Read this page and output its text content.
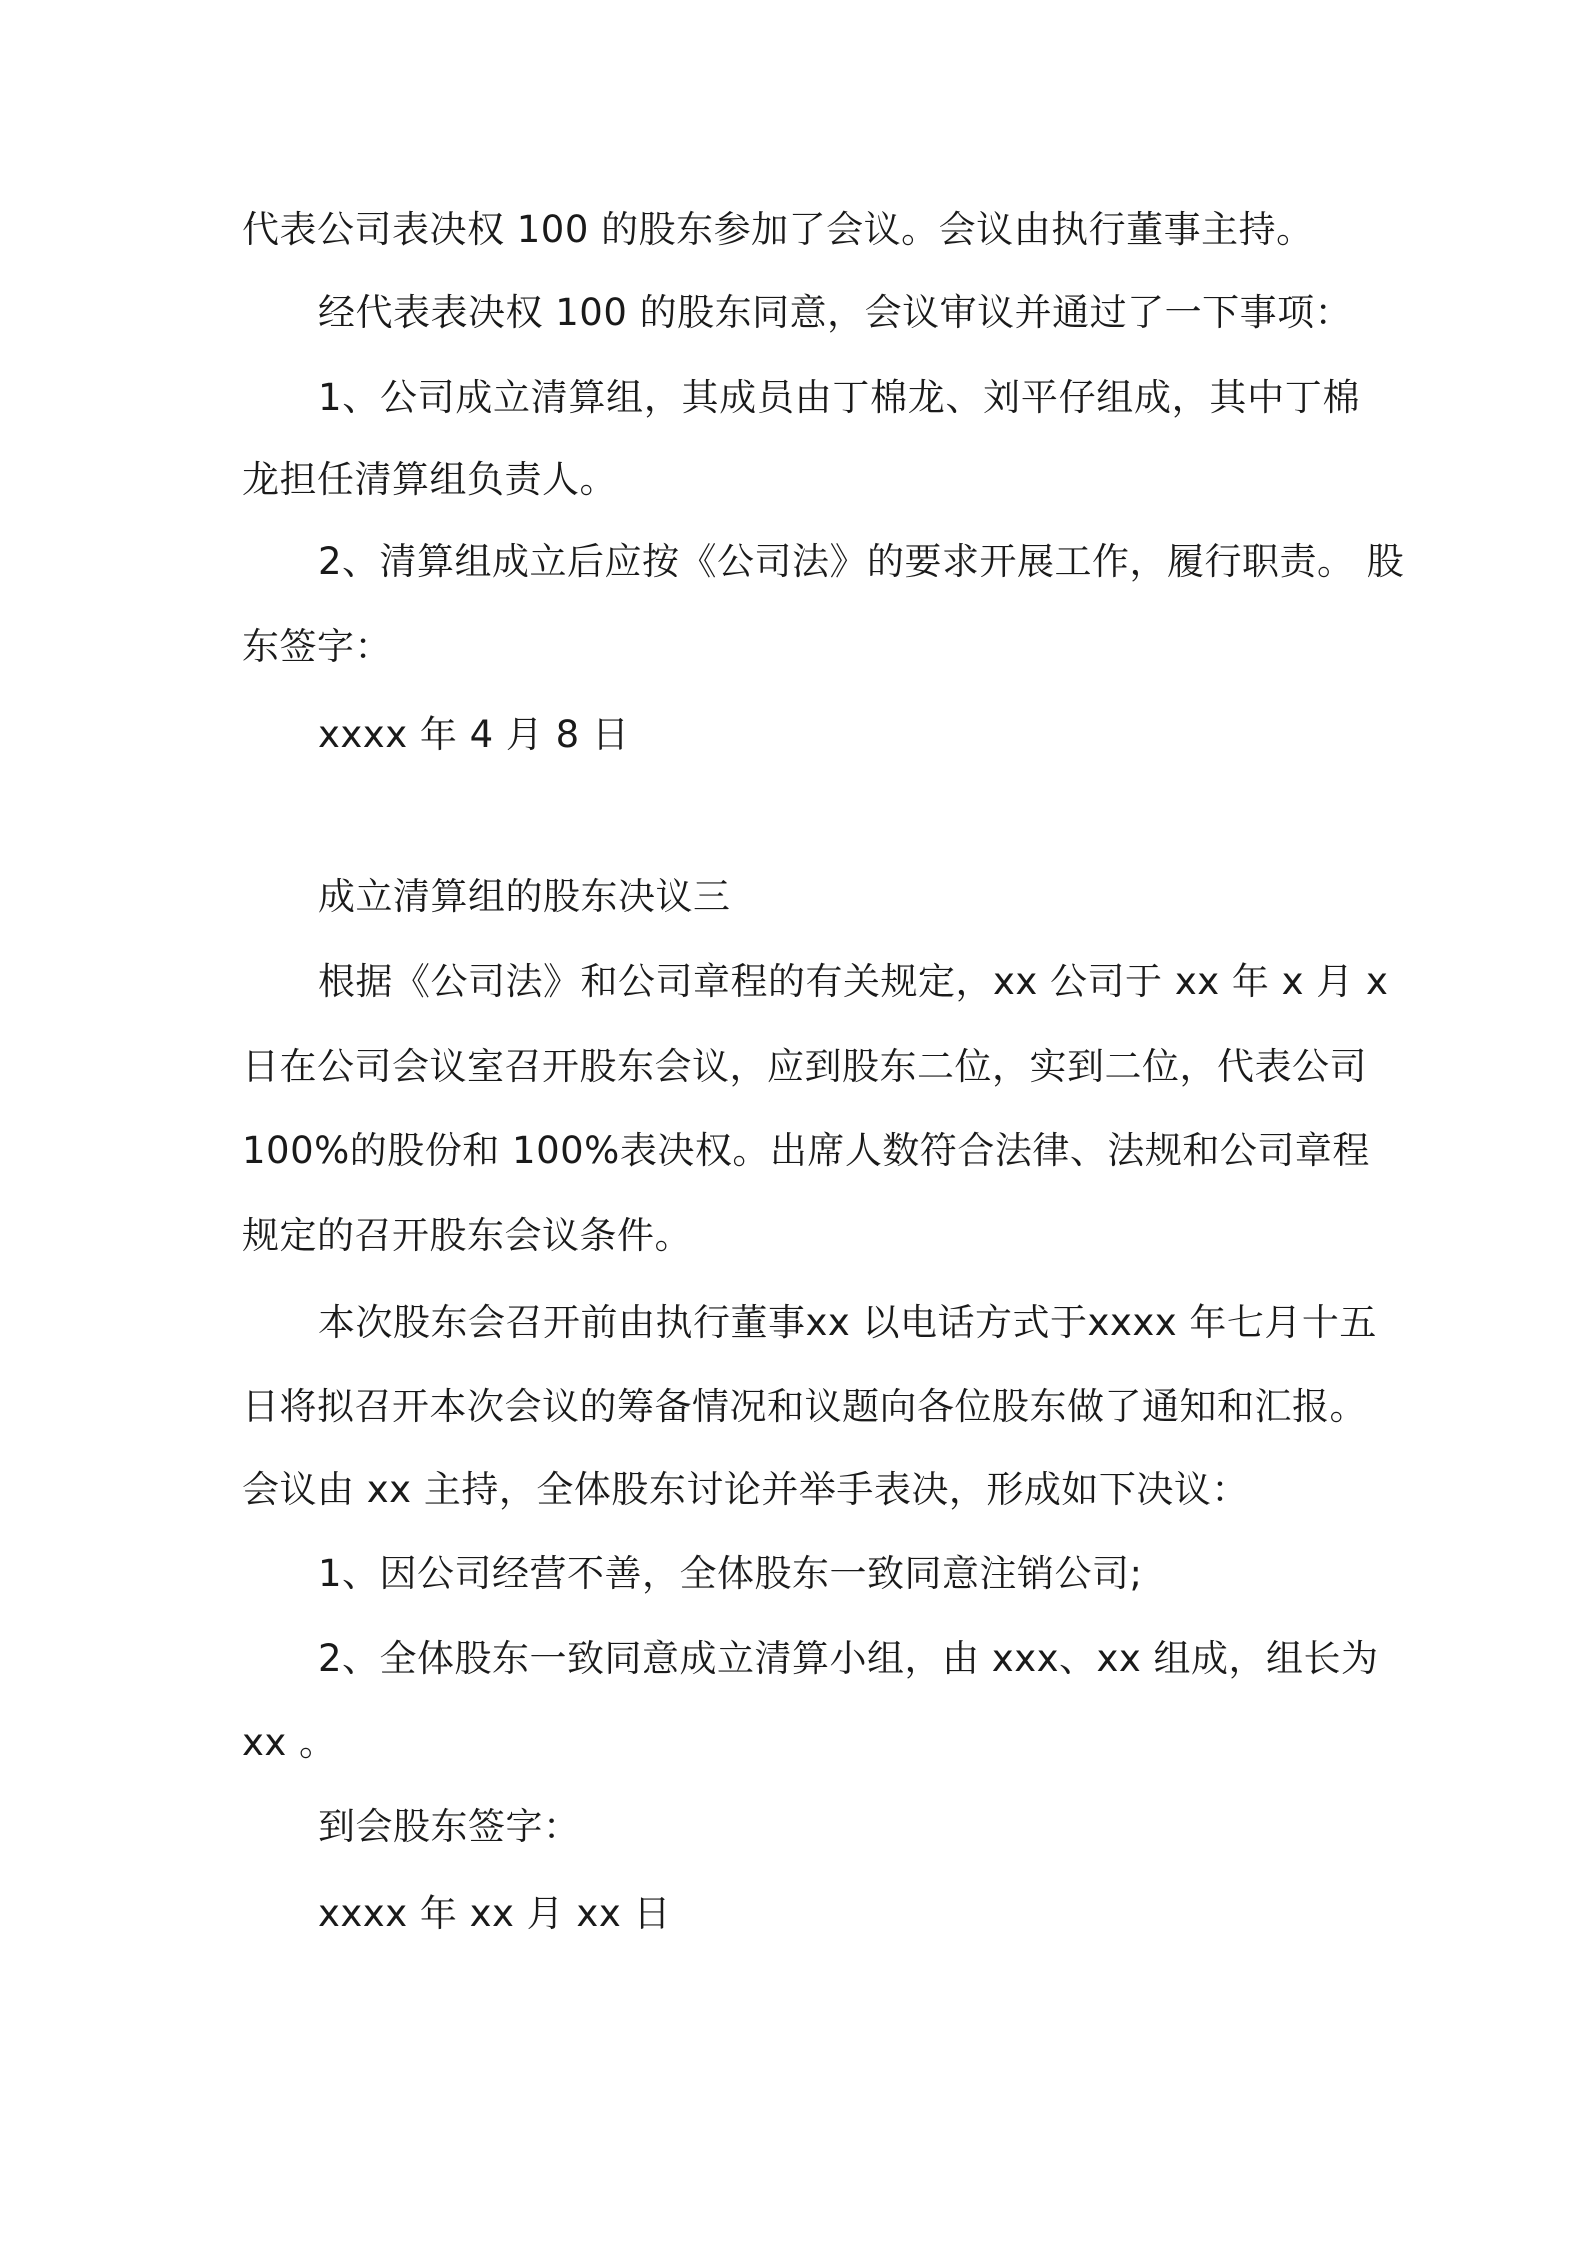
代表公司表决权 100 的股东参加了会议。会议由执行董事主持。
经代表表决权 100 的股东同意，会议审议并通过了一下事项：
1、公司成立清算组，其成员由丁棉龙、刘平仔组成，其中丁棉
龙担任清算组负责人。
2、清算组成立后应按《公司法》的要求开展工作，履行职责。 股
东签字：
xxxx 年 4 月 8 日
成立清算组的股东决议三
根据《公司法》和公司章程的有关规定，xx 公司于 xx 年 x 月 x
日在公司会议室召开股东会议，应到股东二位，实到二位，代表公司
100%的股份和 100%表决权。出席人数符合法律、法规和公司章程
规定的召开股东会议条件。
本次股东会召开前由执行董事xx 以电话方式于xxxx 年七月十五
日将拟召开本次会议的筹备情况和议题向各位股东做了通知和汇报。
会议由 xx 主持，全体股东讨论并举手表决，形成如下决议：
1、因公司经营不善，全体股东一致同意注销公司;
2、全体股东一致同意成立清算小组，由 xxx、xx 组成，组长为
xx 。
到会股东签字：
xxxx 年 xx 月 xx 日
